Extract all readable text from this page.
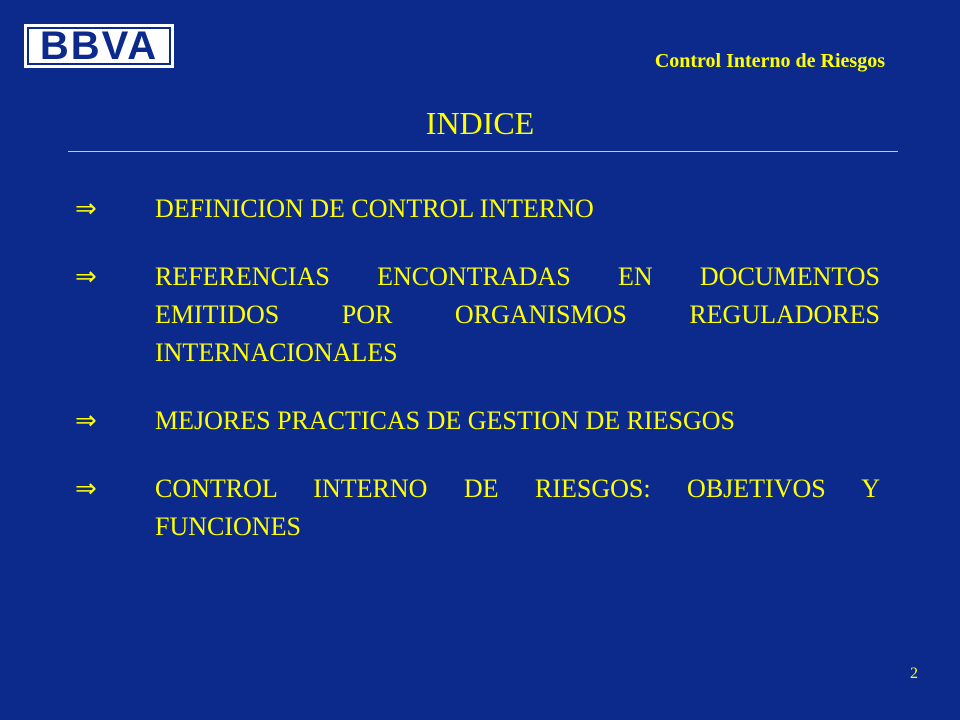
BBVA	Control Interno de Riesgos
INDICE
⇒	DEFINICION DE CONTROL INTERNO
⇒	REFERENCIAS ENCONTRADAS EN DOCUMENTOS EMITIDOS POR ORGANISMOS REGULADORES INTERNACIONALES
⇒	MEJORES PRACTICAS DE GESTION DE RIESGOS
⇒	CONTROL INTERNO DE RIESGOS: OBJETIVOS Y FUNCIONES
2
